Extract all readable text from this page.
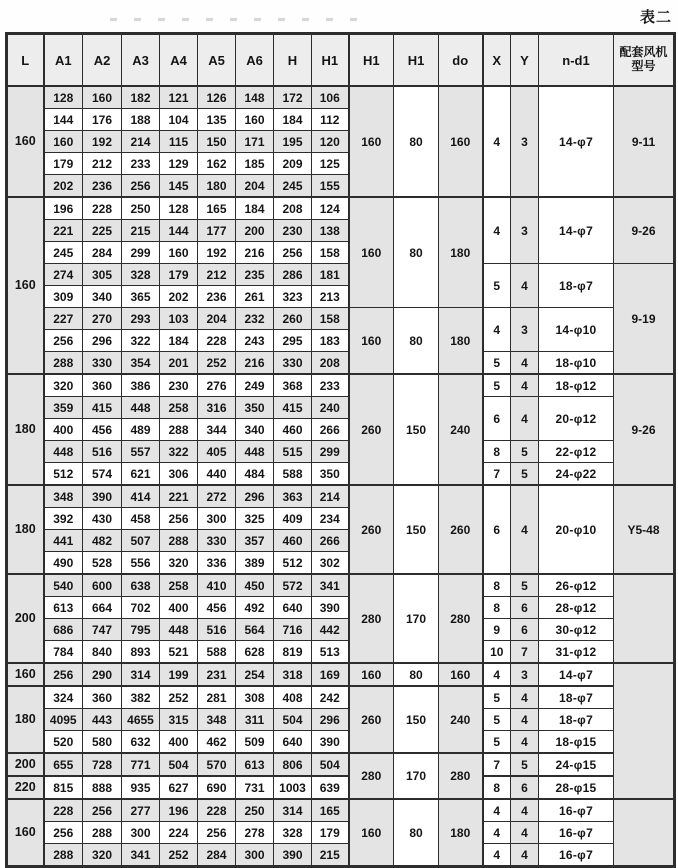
表二
L	A1	A2	A3	A4	A5	A6	H	H1	H1	H1	do	X	Y	n-d1	配套风机型号
160	128	160	182	121	126	148	172	106	160	80	160	4	3	14-φ7	9-11
	144	176	188	104	135	160	184	112							
	160	192	214	115	150	171	195	120							
	179	212	233	129	162	185	209	125							
	202	236	256	145	180	204	245	155							
160	196	228	250	128	165	184	208	124	160	80	180	4	3	14-φ7	9-26
	221	225	215	144	177	200	230	138							
	245	284	299	160	192	216	256	158							
	274	305	328	179	212	235	286	181				5	4	18-φ7	9-19
	309	340	365	202	236	261	323	213							
	227	270	293	103	204	232	260	158	160	80	180	4	3	14-φ10	
	256	296	322	184	228	243	295	183							
	288	330	354	201	252	216	330	208				5	4	18-φ10	
180	320	360	386	230	276	249	368	233	260	150	240	5	4	18-φ12	9-26
	359	415	448	258	316	350	415	240				6	4	20-φ12	
	400	456	489	288	344	340	460	266							
	448	516	557	322	405	448	515	299				8	5	22-φ12	
	512	574	621	306	440	484	588	350				7	5	24-φ22	
180	348	390	414	221	272	296	363	214	260	150	260	6	4	20-φ10	Y5-48
	392	430	458	256	300	325	409	234							
	441	482	507	288	330	357	460	266							
	490	528	556	320	336	389	512	302							
200	540	600	638	258	410	450	572	341	280	170	280	8	5	26-φ12	
	613	664	702	400	456	492	640	390				8	6	28-φ12	
	686	747	795	448	516	564	716	442				9	6	30-φ12	
	784	840	893	521	588	628	819	513				10	7	31-φ12	
160	256	290	314	199	231	254	318	169	160	80	160	4	3	14-φ7	
180	324	360	382	252	281	308	408	242	260	150	240	5	4	18-φ7	
	4095	443	4655	315	348	311	504	296				5	4	18-φ7	
	520	580	632	400	462	509	640	390				5	4	18-φ15	
200	655	728	771	504	570	613	806	504	280	170	280	7	5	24-φ15	
220	815	888	935	627	690	731	1003	639				8	6	28-φ15	
160	228	256	277	196	228	250	314	165	160	80	180	4	4	16-φ7	
	256	288	300	224	256	278	328	179				4	4	16-φ7	
	288	320	341	252	284	300	390	215				4	4	16-φ7	
